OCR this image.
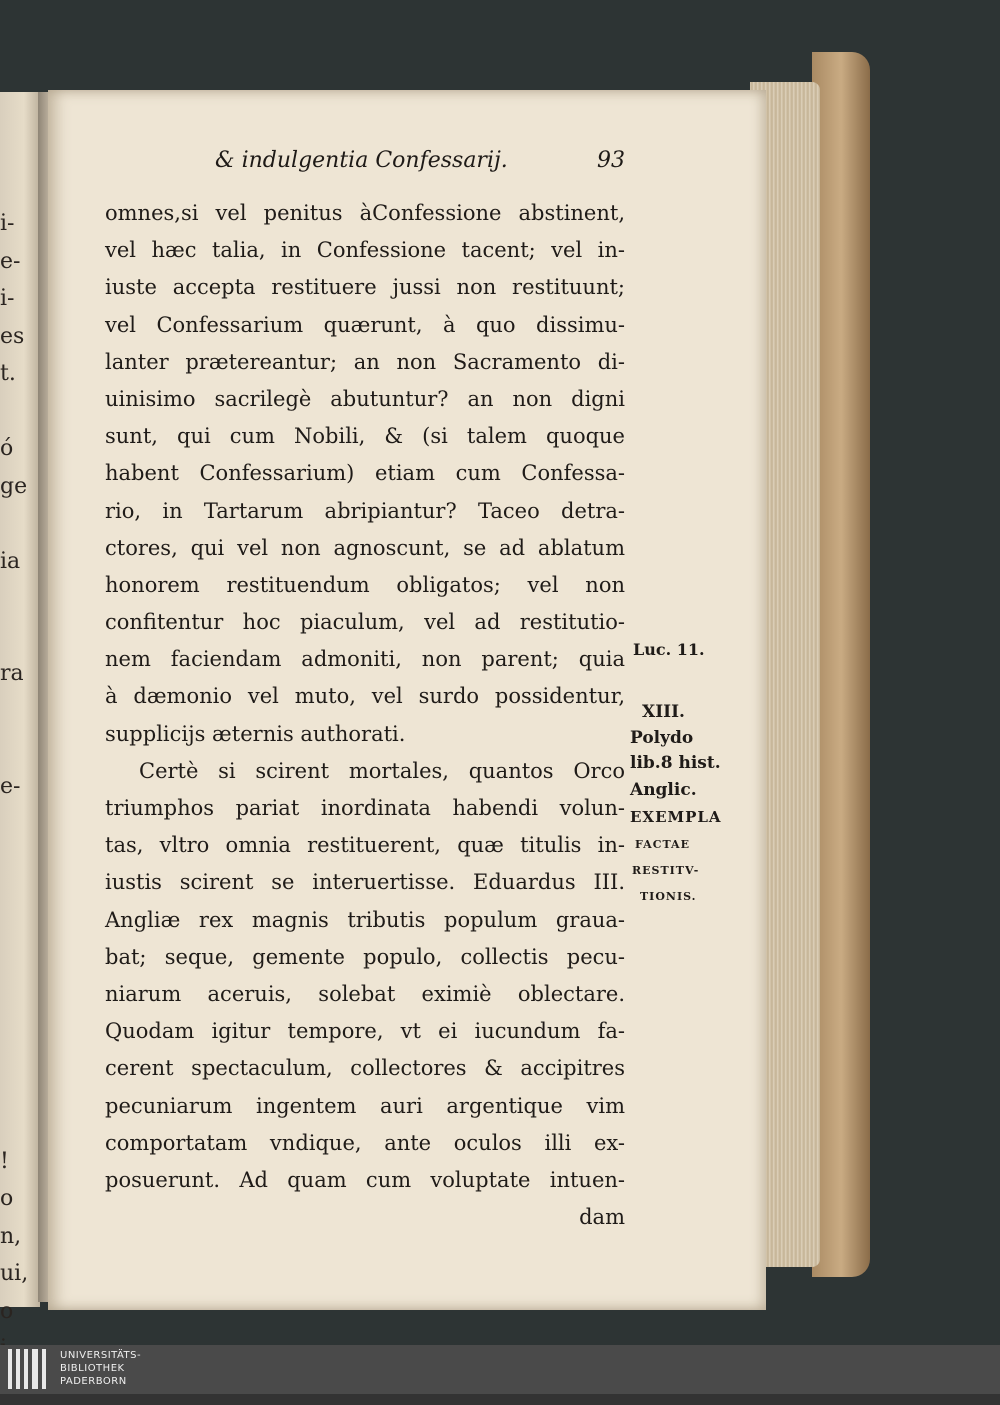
i-
e-
i-
es
t.
ó
ge
ia
ra
e-
!
o
n,
ui,
o
& indulgentia Confessarij.	93
omnes,si vel penitus àConfessione abstinent,
vel hæc talia, in Confessione tacent; vel in-
iuste accepta restituere jussi non restituunt;
vel Confessarium quærunt, à quo dissimu-
lanter prætereantur; an non Sacramento di-
uinisimo sacrilegè abutuntur? an non digni
sunt, qui cum Nobili, & (si talem quoque
habent Confessarium) etiam cum Confessa-
rio, in Tartarum abripiantur? Taceo detra-
ctores, qui vel non agnoscunt, se ad ablatum
honorem restituendum obligatos; vel non
confitentur hoc piaculum, vel ad restitutio-
nem faciendam admoniti, non parent; quia
à dæmonio vel muto, vel surdo possidentur,
supplicijs æternis authorati.
Certè si scirent mortales, quantos Orco
triumphos pariat inordinata habendi volun-
tas, vltro omnia restituerent, quæ titulis in-
iustis scirent se interuertisse. Eduardus III.
Angliæ rex magnis tributis populum graua-
bat; seque, gemente populo, collectis pecu-
niarum aceruis, solebat eximiè oblectare.
Quodam igitur tempore, vt ei iucundum fa-
cerent spectaculum, collectores & accipitres
pecuniarum ingentem auri argentique vim
comportatam vndique, ante oculos illi ex-
posuerunt. Ad quam cum voluptate intuen-
dam
Luc. 11.
XIII.
Polydo
lib.8 hist.
Anglic.
EXEMPLA
FACTAE
RESTITV-
TIONIS.
UNIVERSITÄTS-
BIBLIOTHEK
PADERBORN
